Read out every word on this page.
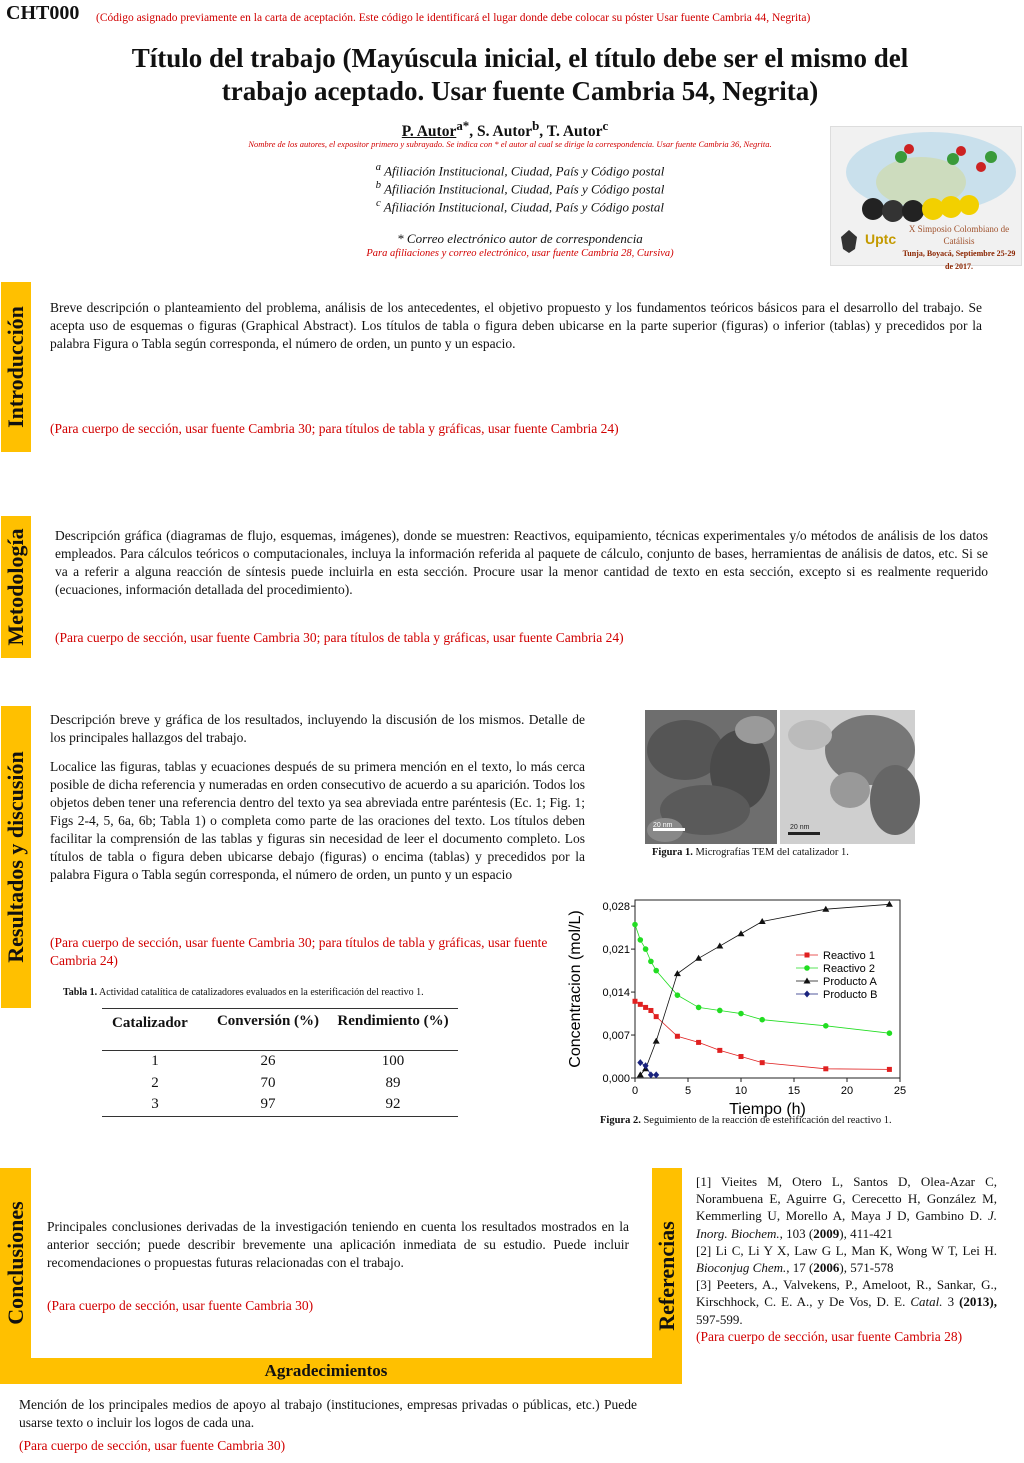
CHT000 (Código asignado previamente en la carta de aceptación. Este código le identificará el lugar donde debe colocar su póster Usar fuente Cambria 44, Negrita)
Título del trabajo (Mayúscula inicial, el título debe ser el mismo del trabajo aceptado. Usar fuente Cambria 54, Negrita)
P. Autor$^{a*}$, S. Autor$^b$, T. Autor$^c$
Nombre de los autores, el expositor primero y subrayado. Se indica con * el autor al cual se dirige la correspondencia. Usar fuente Cambria 36, Negrita.
$^a$ Afiliación Institucional, Ciudad, País y Código postal
$^b$ Afiliación Institucional, Ciudad, País y Código postal
$^c$ Afiliación Institucional, Ciudad, País y Código postal
* Correo electrónico autor de correspondencia
Para afiliaciones y correo electrónico, usar fuente Cambria 28, Cursiva)
Uptc
X Simposio Colombiano de
Catálisis
Tunja, Boyacá, Septiembre 25-29 de 2017.
Introducción Breve descripción o planteamiento del problema, análisis de los antecedentes, el objetivo propuesto y los fundamentos teóricos básicos para el desarrollo del trabajo. Se acepta uso de esquemas o figuras (Graphical Abstract). Los títulos de tabla o figura deben ubicarse en la parte superior (figuras) o inferior (tablas) y precedidos por la palabra Figura o Tabla según corresponda, el número de orden, un punto y un espacio.
(Para cuerpo de sección, usar fuente Cambria 30; para títulos de tabla y gráficas, usar fuente Cambria 24)
Metodología Descripción gráfica (diagramas de flujo, esquemas, imágenes), donde se muestren: Reactivos, equipamiento, técnicas experimentales y/o métodos de análisis de los datos empleados. Para cálculos teóricos o computacionales, incluya la información referida al paquete de cálculo, conjunto de bases, herramientas de análisis de datos, etc. Si se va a referir a alguna reacción de síntesis puede incluirla en esta sección. Procure usar la menor cantidad de texto en esta sección, excepto si es realmente requerido (ecuaciones, información detallada del procedimiento).
(Para cuerpo de sección, usar fuente Cambria 30; para títulos de tabla y gráficas, usar fuente Cambria 24)
Resultados y discusión
Descripción breve y gráfica de los resultados, incluyendo la discusión de los mismos. Detalle de los principales hallazgos del trabajo.
Localice las figuras, tablas y ecuaciones después de su primera mención en el texto, lo más cerca posible de dicha referencia y numeradas en orden consecutivo de acuerdo a su aparición. Todos los objetos deben tener una referencia dentro del texto ya sea abreviada entre paréntesis (Ec. 1; Fig. 1; Figs 2-4, 5, 6a, 6b; Tabla 1) o completa como parte de las oraciones del texto. Los títulos deben facilitar la comprensión de las tablas y figuras sin necesidad de leer el documento completo. Los títulos de tabla o figura deben ubicarse debajo (figuras) o encima (tablas) y precedidos por la palabra Figura o Tabla según corresponda, el número de orden, un punto y un espacio
(Para cuerpo de sección, usar fuente Cambria 30; para títulos de tabla y gráficas, usar fuente Cambria 24)
Tabla 1. Actividad catalítica de catalizadores evaluados en la esterificación del reactivo 1.
Catalizador	Conversión (%)	Rendimiento (%)

1	26	100
2	70	89
3	97	92
20 nm	20 nm
Figura 1. Micrografías TEM del catalizador 1.
0,000
0,007
0,014
0,021
0,028
0	5	10	15	20	25
Tiempo (h)
Concentracion (mol/L)	Reactivo 1
Reactivo 2
Producto A
Producto B
Figura 2. Seguimiento de la reacción de esterificación del reactivo 1.
Conclusiones Principales conclusiones derivadas de la investigación teniendo en cuenta los resultados mostrados en la anterior sección; puede describir brevemente una aplicación inmediata de su estudio. Puede incluir recomendaciones o propuestas futuras relacionadas con el trabajo.
(Para cuerpo de sección, usar fuente Cambria 30)
Agradecimientos
Mención de los principales medios de apoyo al trabajo (instituciones, empresas privadas o públicas, etc.) Puede usarse texto o incluir los logos de cada una.
(Para cuerpo de sección, usar fuente Cambria 30)
Referencias
[1] Vieites M, Otero L, Santos D, Olea-Azar C, Norambuena E, Aguirre G, Cerecetto H, González M, Kemmerling U, Morello A, Maya J D, Gambino D. J. Inorg. Biochem., 103 (2009), 411-421
[2] Li C, Li Y X, Law G L, Man K, Wong W T, Lei H. Bioconjug Chem., 17 (2006), 571-578
[3] Peeters, A., Valvekens, P., Ameloot, R., Sankar, G., Kirschhock, C. E. A., y De Vos, D. E. Catal. 3 (2013), 597-599.
(Para cuerpo de sección, usar fuente Cambria 28)
